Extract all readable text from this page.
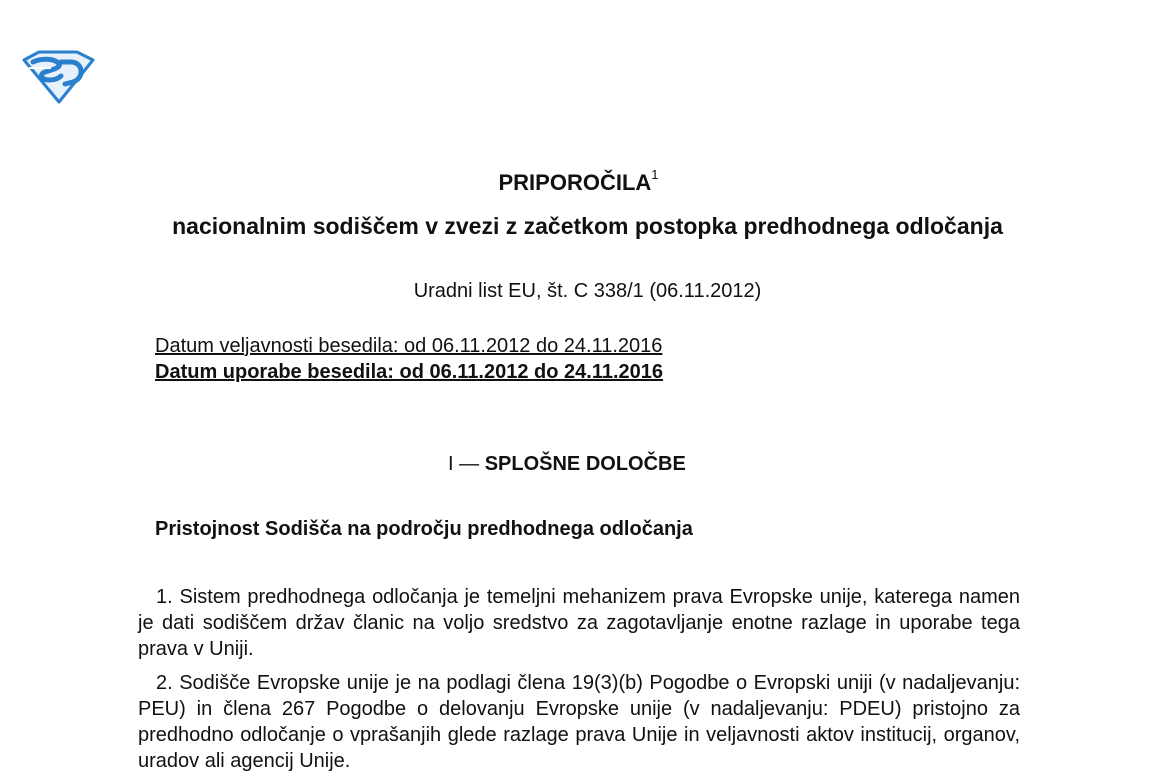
PRIPOROČILA$^1$
nacionalnim sodiščem v zvezi z začetkom postopka predhodnega odločanja
Uradni list EU, št. C 338/1 (06.11.2012)
Datum veljavnosti besedila: od 06.11.2012 do 24.11.2016
Datum uporabe besedila: od 06.11.2012 do 24.11.2016
I — SPLOŠNE DOLOČBE
Pristojnost Sodišča na področju predhodnega odločanja
1. Sistem predhodnega odločanja je temeljni mehanizem prava Evropske unije, katerega namen je dati sodiščem držav članic na voljo sredstvo za zagotavljanje enotne razlage in uporabe tega prava v Uniji.
2. Sodišče Evropske unije je na podlagi člena 19(3)(b) Pogodbe o Evropski uniji (v nadaljevanju: PEU) in člena 267 Pogodbe o delovanju Evropske unije (v nadaljevanju: PDEU) pristojno za predhodno odločanje o vprašanjih glede razlage prava Unije in veljavnosti aktov institucij, organov, uradov ali agencij Unije.
